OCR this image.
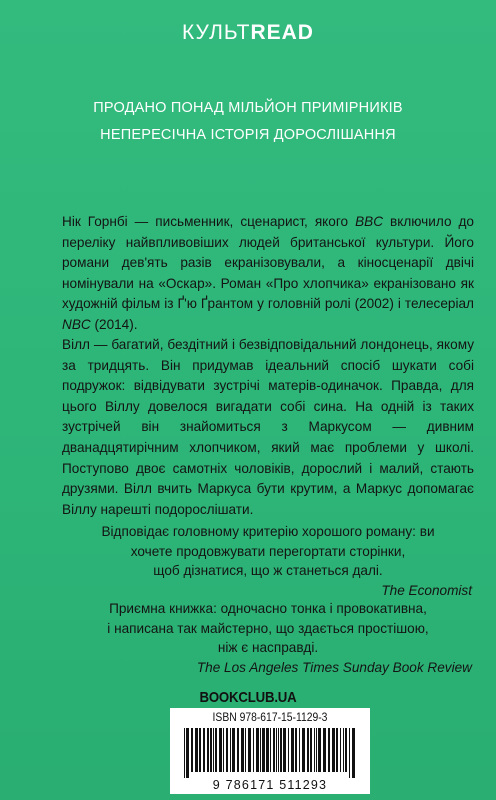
КУЛЬТREAD
ПРОДАНО ПОНАД МІЛЬЙОН ПРИМІРНИКІВ
НЕПЕРЕСІЧНА ІСТОРІЯ ДОРОСЛІШАННЯ
Нік Горнбі — письменник, сценарист, якого BBC включило до переліку найвпливовіших людей британської культури. Його романи дев'ять разів екранізовували, а кіносценарії двічі номінували на «Оскар». Роман «Про хлопчика» екранізовано як художній фільм із Ґ'ю Ґрантом у головній ролі (2002) і телесеріал NBC (2014).
Вілл — багатий, бездітний і безвідповідальний лондонець, якому за тридцять. Він придумав ідеальний спосіб шукати собі подружок: відвідувати зустрічі матерів-одиначок. Правда, для цього Віллу довелося вигадати собі сина. На одній із таких зустрічей він знайомиться з Маркусом — дивним дванадцятирічним хлопчиком, який має проблеми у школі. Поступово двоє самотніх чоловіків, дорослий і малий, стають друзями. Вілл вчить Маркуса бути крутим, а Маркус допомагає Віллу нарешті подорослішати.
Відповідає головному критерію хорошого роману: ви
хочете продовжувати перегортати сторінки,
щоб дізнатися, що ж станеться далі.
The Economist
Приємна книжка: одночасно тонка і провокативна,
і написана так майстерно, що здається простішою,
ніж є насправді.
The Los Angeles Times Sunday Book Review
BOOKCLUB.UA
ISBN 978-617-15-1129-3
9 786171 511293
